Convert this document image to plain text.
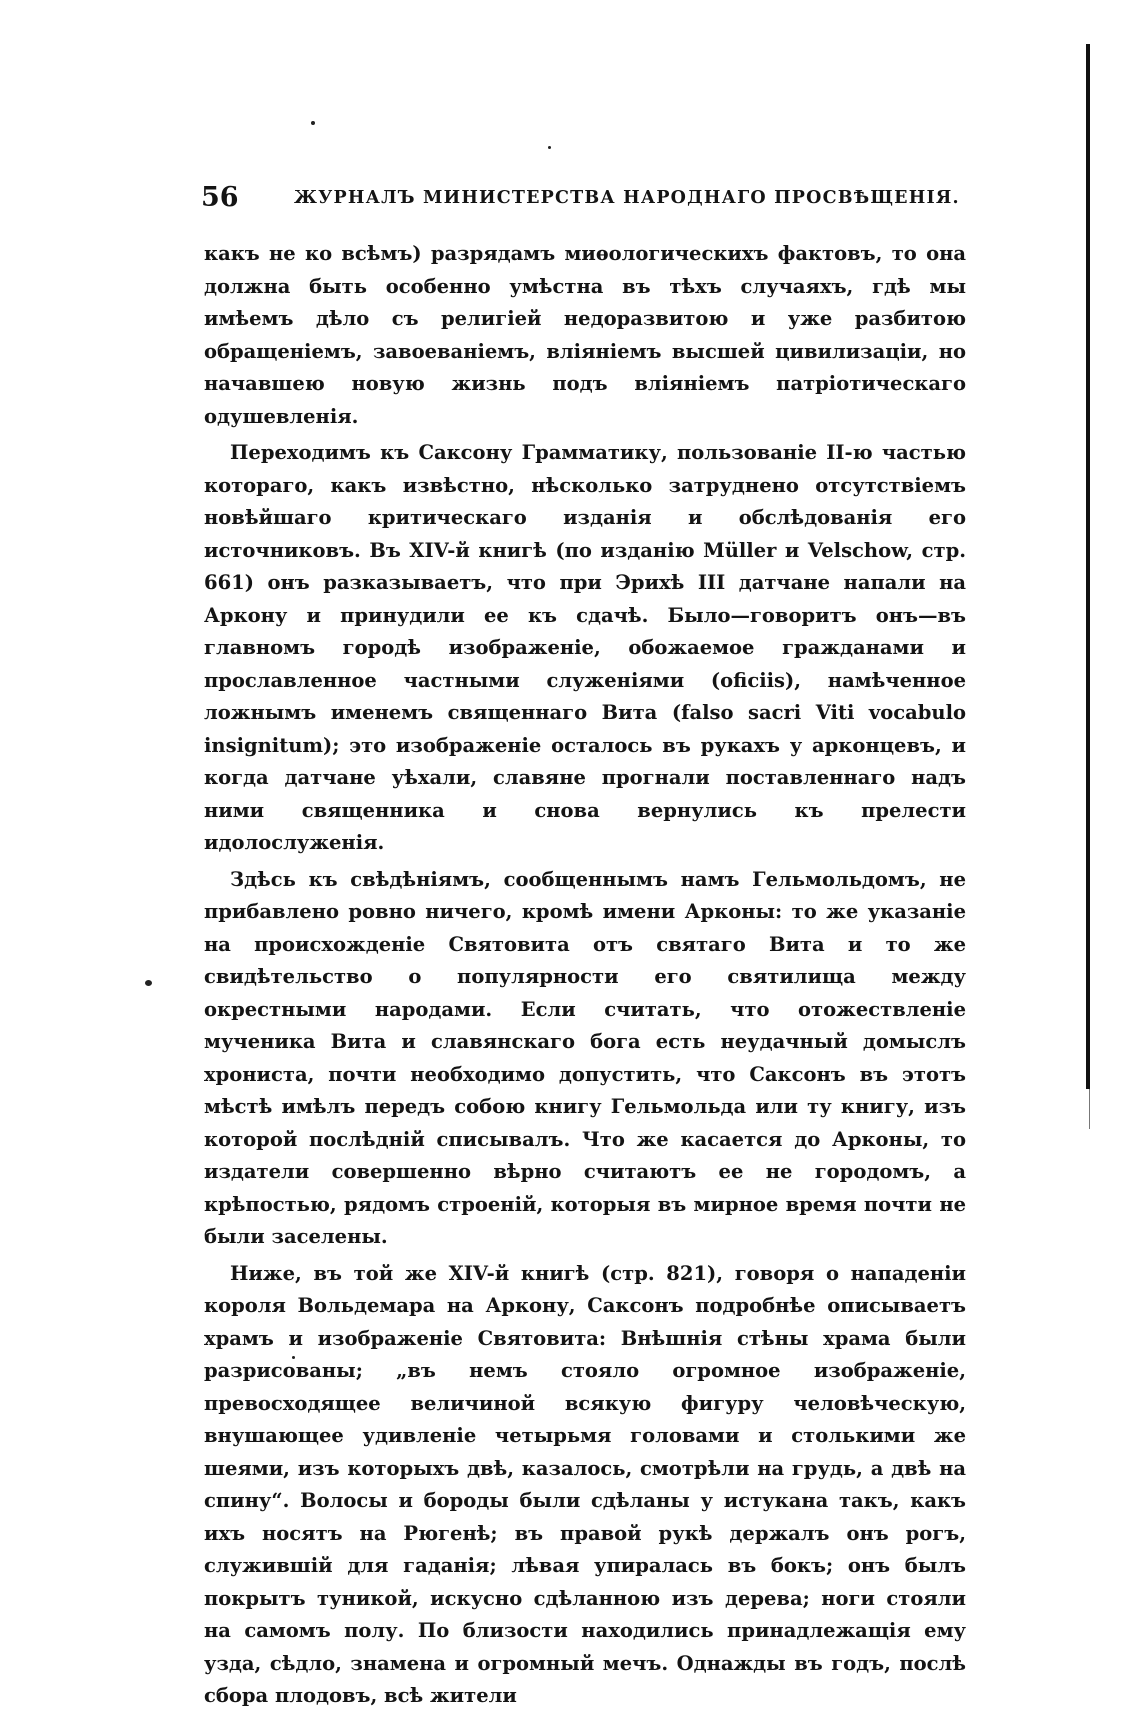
56	ЖУРНАЛЪ МИНИСТЕРСТВА НАРОДНАГО ПРОСВѢЩЕНІЯ.

какъ не ко всѣмъ) разрядамъ миѳологическихъ фактовъ, то она должна быть особенно умѣстна въ тѣхъ случаяхъ, гдѣ мы имѣемъ дѣло съ религіей недоразвитою и уже разбитою обращеніемъ, завоеваніемъ, вліяніемъ высшей цивилизаціи, но начавшею новую жизнь подъ вліяніемъ патріотическаго одушевленія.

Переходимъ къ Саксону Грамматику, пользованіе II-ю частью котораго, какъ извѣстно, нѣсколько затруднено отсутствіемъ новѣйшаго критическаго изданія и обслѣдованія его источниковъ. Въ XIV-й книгѣ (по изданію Müller и Velschow, стр. 661) онъ разказываетъ, что при Эрихѣ III датчане напали на Аркону и принудили ее къ сдачѣ. Было—говоритъ онъ—въ главномъ городѣ изображеніе, обожаемое гражданами и прославленное частными служеніями (oficiis), намѣченное ложнымъ именемъ священнаго Вита (falso sacri Viti vocabulo insignitum); это изображеніе осталось въ рукахъ у арконцевъ, и когда датчане уѣхали, славяне прогнали поставленнаго надъ ними священника и снова вернулись къ прелести идолослуженія.

Здѣсь къ свѣдѣніямъ, сообщеннымъ намъ Гельмольдомъ, не прибавлено ровно ничего, кромѣ имени Арконы: то же указаніе на происхожденіе Святовита отъ святаго Вита и то же свидѣтельство о популярности его святилища между окрестными народами. Если считать, что отожествленіе мученика Вита и славянскаго бога есть неудачный домыслъ хрониста, почти необходимо допустить, что Саксонъ въ этотъ мѣстѣ имѣлъ передъ собою книгу Гельмольда или ту книгу, изъ которой послѣдній списывалъ. Что же касается до Арконы, то издатели совершенно вѣрно считаютъ ее не городомъ, а крѣпостью, рядомъ строеній, которыя въ мирное время почти не были заселены.

Ниже, въ той же XIV-й книгѣ (стр. 821), говоря о нападеніи короля Вольдемара на Аркону, Саксонъ подробнѣе описываетъ храмъ и изображеніе Святовита: Внѣшнія стѣны храма были разрисованы; „въ немъ стояло огромное изображеніе, превосходящее величиной всякую фигуру человѣческую, внушающее удивленіе четырьмя головами и столькими же шеями, изъ которыхъ двѣ, казалось, смотрѣли на грудь, а двѣ на спину“. Волосы и бороды были сдѣланы у истукана такъ, какъ ихъ носятъ на Рюгенѣ; въ правой рукѣ держалъ онъ рогъ, служившій для гаданія; лѣвая упиралась въ бокъ; онъ былъ покрытъ туникой, искусно сдѣланною изъ дерева; ноги стояли на самомъ полу. По близости находились принадлежащія ему узда, сѣдло, знамена и огромный мечъ. Однажды въ годъ, послѣ сбора плодовъ, всѣ жители
